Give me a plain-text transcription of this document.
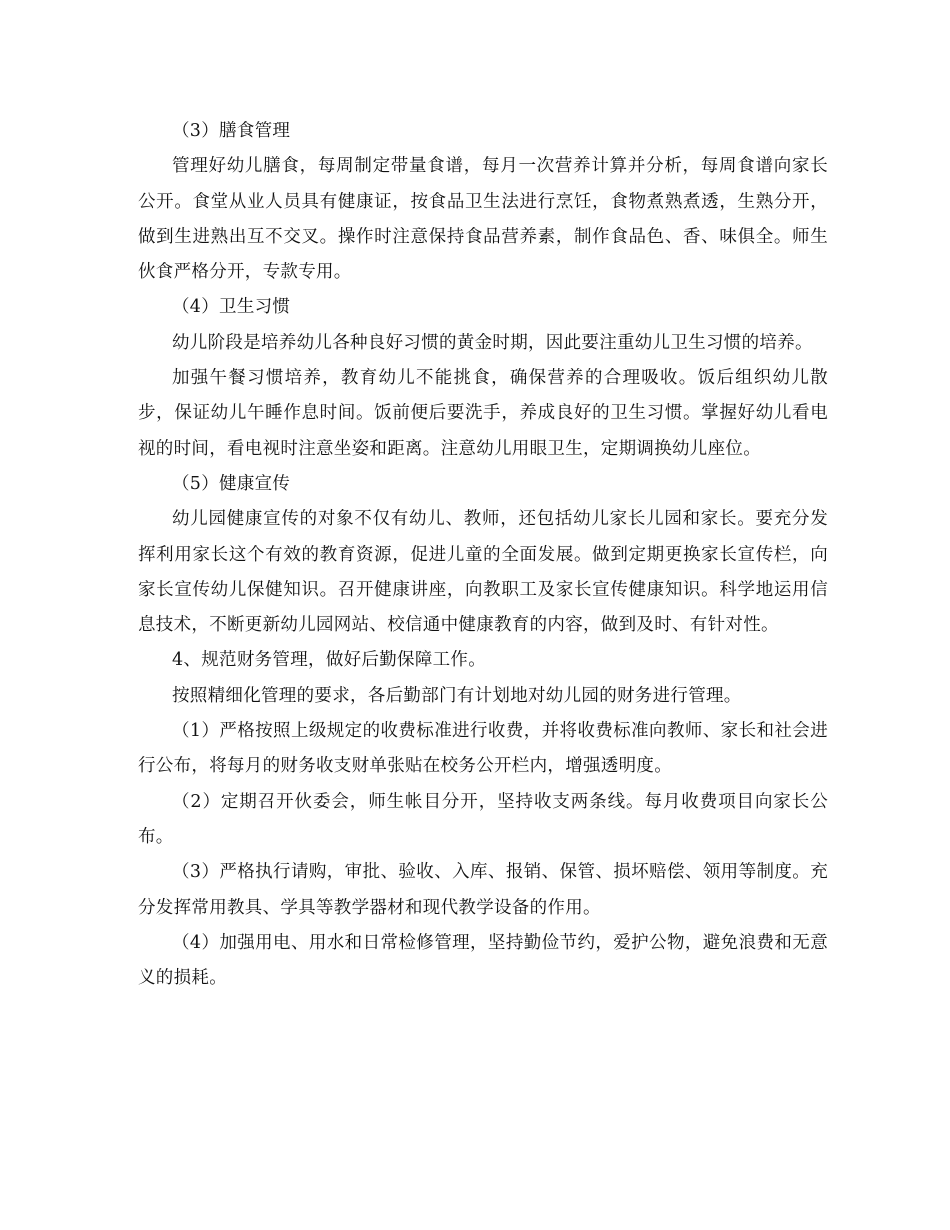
（3）膳食管理

管理好幼儿膳食，每周制定带量食谱，每月一次营养计算并分析，每周食谱向家长公开。食堂从业人员具有健康证，按食品卫生法进行烹饪，食物煮熟煮透，生熟分开，做到生进熟出互不交叉。操作时注意保持食品营养素，制作食品色、香、味俱全。师生伙食严格分开，专款专用。

（4）卫生习惯

幼儿阶段是培养幼儿各种良好习惯的黄金时期，因此要注重幼儿卫生习惯的培养。

加强午餐习惯培养，教育幼儿不能挑食，确保营养的合理吸收。饭后组织幼儿散步，保证幼儿午睡作息时间。饭前便后要洗手，养成良好的卫生习惯。掌握好幼儿看电视的时间，看电视时注意坐姿和距离。注意幼儿用眼卫生，定期调换幼儿座位。

（5）健康宣传

幼儿园健康宣传的对象不仅有幼儿、教师，还包括幼儿家长儿园和家长。要充分发挥利用家长这个有效的教育资源，促进儿童的全面发展。做到定期更换家长宣传栏，向家长宣传幼儿保健知识。召开健康讲座，向教职工及家长宣传健康知识。科学地运用信息技术，不断更新幼儿园网站、校信通中健康教育的内容，做到及时、有针对性。

4、规范财务管理，做好后勤保障工作。

按照精细化管理的要求，各后勤部门有计划地对幼儿园的财务进行管理。

（1）严格按照上级规定的收费标准进行收费，并将收费标准向教师、家长和社会进行公布，将每月的财务收支财单张贴在校务公开栏内，增强透明度。

（2）定期召开伙委会，师生帐目分开，坚持收支两条线。每月收费项目向家长公布。

（3）严格执行请购，审批、验收、入库、报销、保管、损坏赔偿、领用等制度。充分发挥常用教具、学具等教学器材和现代教学设备的作用。

（4）加强用电、用水和日常检修管理，坚持勤俭节约，爱护公物，避免浪费和无意义的损耗。
